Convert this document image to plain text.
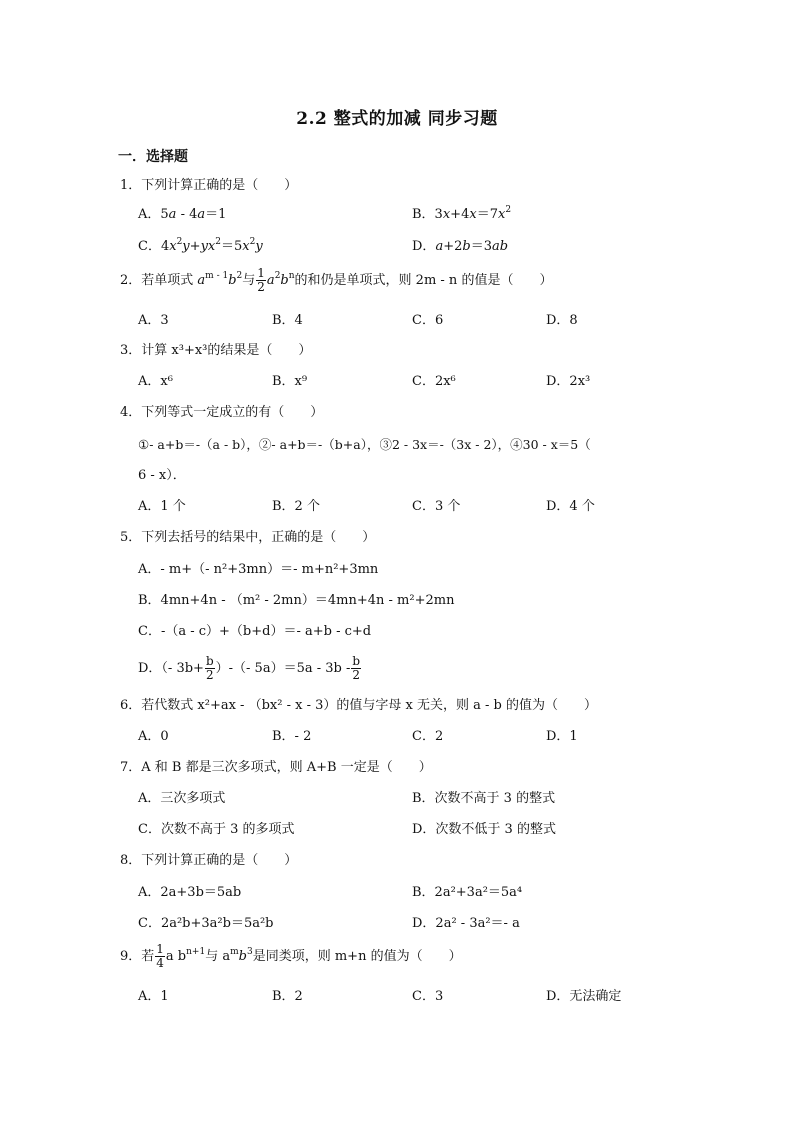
2.2 整式的加减 同步习题
一．选择题
1．下列计算正确的是（　　）
A．5a - 4a＝1	B．$3x+4x=7x^2$
C．$4x^2y+yx^2=5x^2y$	D．a+2b＝3ab
2．若单项式 $a^{m - 1}b^2$与 $\frac{1}{2} a^2b^n$的和仍是单项式，则 2m - n 的值是（　　）
A．3	B．4	C．6	D．8
3．计算 x³+x³的结果是（　　）
A．x⁶	B．x⁹	C．2x⁶	D．2x³
4．下列等式一定成立的有（　　）
①- a+b＝-（a - b），②- a+b＝-（b+a），③2 - 3x＝-（3x - 2），④30 - x＝5（
6 - x）．
A．1 个	B．2 个	C．3 个	D．4 个
5．下列去括号的结果中，正确的是（　　）
A．- m+（- n²+3mn）＝- m+n²+3mn
B．4mn+4n - （m² - 2mn）＝4mn+4n - m²+2mn
C．-（a - c）+（b+d）＝- a+b - c+d
D．（- $3b+ \frac{b}{2}$ ）-（- $5a)=5a - 3b - \frac{b}{2}$
6．若代数式 x²+ax - （bx² - x - 3）的值与字母 x 无关，则 a - b 的值为（　　）
A．0	B．- 2	C．2	D．1
7．A 和 B 都是三次多项式，则 A+B 一定是（　　）
A．三次多项式	B．次数不高于 3 的整式
C．次数不高于 3 的多项式	D．次数不低于 3 的整式
8．下列计算正确的是（　　）
A．2a+3b＝5ab	B．2a²+3a²＝5a⁴
C．2a²b+3a²b＝5a²b	D．2a² - 3a²＝- a
9．若 $\frac{1}{4}$ a $b^{n+1}$与 $a^mb^3$是同类项，则 m+n 的值为（　　）
A．1	B．2	C．3	D．无法确定
